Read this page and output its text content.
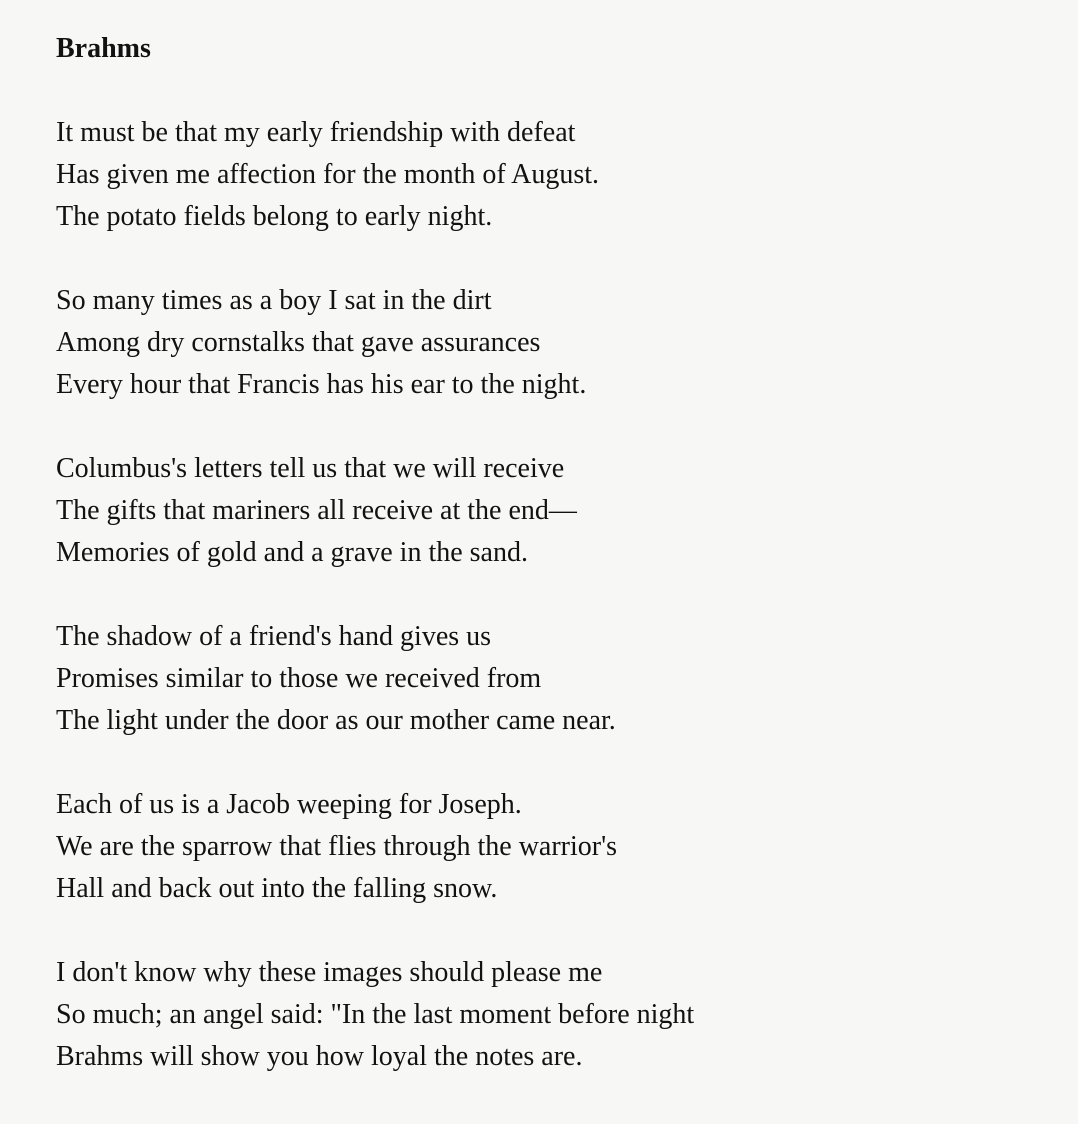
Brahms
It must be that my early friendship with defeat
Has given me affection for the month of August.
The potato fields belong to early night.
So many times as a boy I sat in the dirt
Among dry cornstalks that gave assurances
Every hour that Francis has his ear to the night.
Columbus's letters tell us that we will receive
The gifts that mariners all receive at the end—
Memories of gold and a grave in the sand.
The shadow of a friend's hand gives us
Promises similar to those we received from
The light under the door as our mother came near.
Each of us is a Jacob weeping for Joseph.
We are the sparrow that flies through the warrior's
Hall and back out into the falling snow.
I don't know why these images should please me
So much; an angel said: "In the last moment before night
Brahms will show you how loyal the notes are.
